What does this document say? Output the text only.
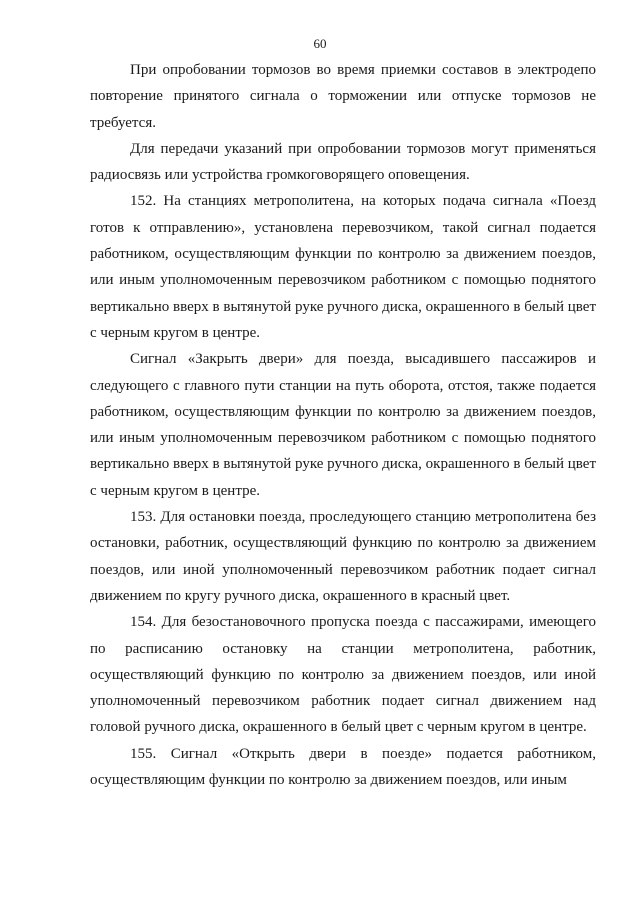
60

При опробовании тормозов во время приемки составов в электродепо повторение принятого сигнала о торможении или отпуске тормозов не требуется.

Для передачи указаний при опробовании тормозов могут применяться радиосвязь или устройства громкоговорящего оповещения.

152. На станциях метрополитена, на которых подача сигнала «Поезд готов к отправлению», установлена перевозчиком, такой сигнал подается работником, осуществляющим функции по контролю за движением поездов, или иным уполномоченным перевозчиком работником с помощью поднятого вертикально вверх в вытянутой руке ручного диска, окрашенного в белый цвет с черным кругом в центре.

Сигнал «Закрыть двери» для поезда, высадившего пассажиров и следующего с главного пути станции на путь оборота, отстоя, также подается работником, осуществляющим функции по контролю за движением поездов, или иным уполномоченным перевозчиком работником с помощью поднятого вертикально вверх в вытянутой руке ручного диска, окрашенного в белый цвет с черным кругом в центре.

153. Для остановки поезда, проследующего станцию метрополитена без остановки, работник, осуществляющий функцию по контролю за движением поездов, или иной уполномоченный перевозчиком работник подает сигнал движением по кругу ручного диска, окрашенного в красный цвет.

154. Для безостановочного пропуска поезда с пассажирами, имеющего по расписанию остановку на станции метрополитена, работник, осуществляющий функцию по контролю за движением поездов, или иной уполномоченный перевозчиком работник подает сигнал движением над головой ручного диска, окрашенного в белый цвет с черным кругом в центре.

155. Сигнал «Открыть двери в поезде» подается работником, осуществляющим функции по контролю за движением поездов, или иным
